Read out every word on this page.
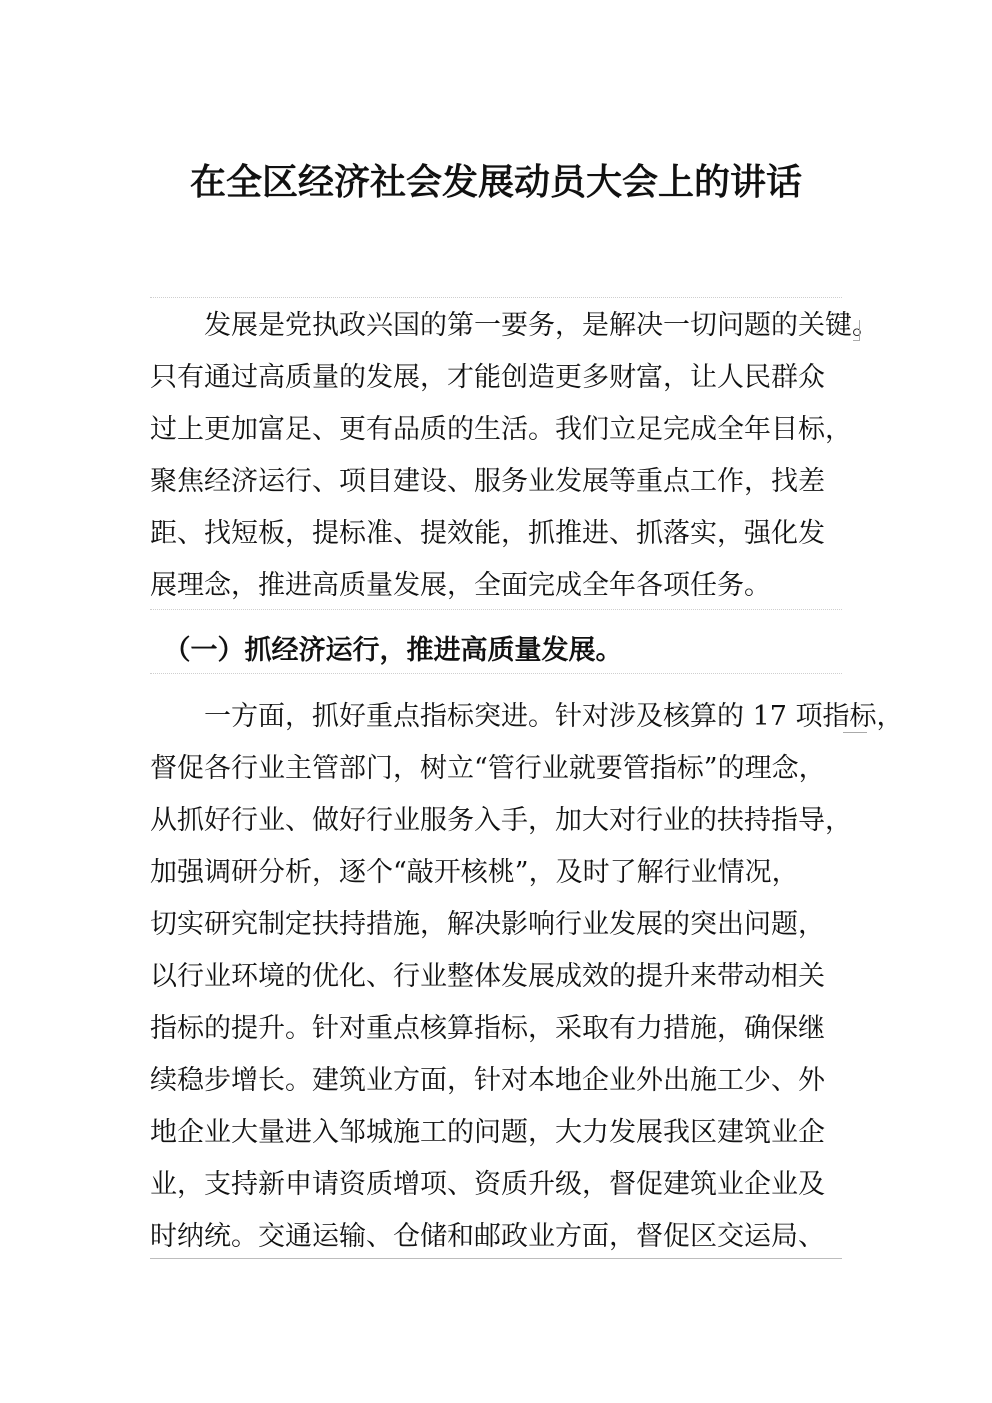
在全区经济社会发展动员大会上的讲话

　　发展是党执政兴国的第一要务，是解决一切问题的关键。

只有通过高质量的发展，才能创造更多财富，让人民群众

过上更加富足、更有品质的生活。我们立足完成全年目标，

聚焦经济运行、项目建设、服务业发展等重点工作，找差

距、找短板，提标准、提效能，抓推进、抓落实，强化发

展理念，推进高质量发展，全面完成全年各项任务。

　（一）抓经济运行，推进高质量发展。

　　一方面，抓好重点指标突进。针对涉及核算的 17 项指标，

督促各行业主管部门，树立“管行业就要管指标”的理念，

从抓好行业、做好行业服务入手，加大对行业的扶持指导，

加强调研分析，逐个“敲开核桃”，及时了解行业情况，

切实研究制定扶持措施，解决影响行业发展的突出问题，

以行业环境的优化、行业整体发展成效的提升来带动相关

指标的提升。针对重点核算指标，采取有力措施，确保继

续稳步增长。建筑业方面，针对本地企业外出施工少、外

地企业大量进入邹城施工的问题，大力发展我区建筑业企

业，支持新申请资质增项、资质升级，督促建筑业企业及

时纳统。交通运输、仓储和邮政业方面，督促区交运局、
